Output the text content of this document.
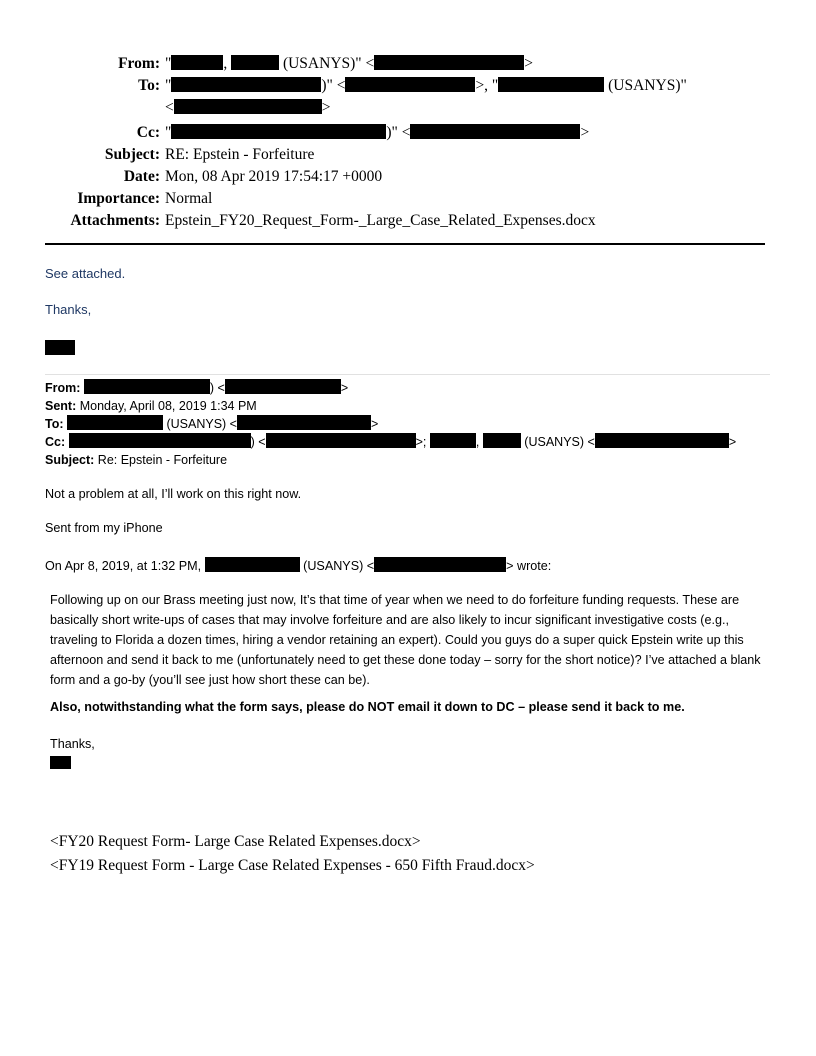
From: "	,	(USANYS)" <	>
To: "	)" <	>, "	(USANYS)"
<	>
Cc: "	)" <	>
Subject: RE: Epstein - Forfeiture
Date: Mon, 08 Apr 2019 17:54:17 +0000
Importance: Normal
Attachments: Epstein_FY20_Request_Form-_Large_Case_Related_Expenses.docx
See attached.
Thanks,
From:	) <	>
Sent: Monday, April 08, 2019 1:34 PM
To:	(USANYS) <	>
Cc:	) <	>;	,	(USANYS) <	>
Subject: Re: Epstein - Forfeiture
Not a problem at all, I’ll work on this right now.
Sent from my iPhone
On Apr 8, 2019, at 1:32 PM,	(USANYS) <	> wrote:
Following up on our Brass meeting just now, It’s that time of year when we need to do forfeiture funding requests. These are basically short write-ups of cases that may involve forfeiture and are also likely to incur significant investigative costs (e.g., traveling to Florida a dozen times, hiring a vendor retaining an expert). Could you guys do a super quick Epstein write up this afternoon and send it back to me (unfortunately need to get these done today – sorry for the short notice)? I’ve attached a blank form and a go-by (you’ll see just how short these can be).
Also, notwithstanding what the form says, please do NOT email it down to DC – please send it back to me.
Thanks,
<FY20 Request Form- Large Case Related Expenses.docx>
<FY19 Request Form - Large Case Related Expenses - 650 Fifth Fraud.docx>
